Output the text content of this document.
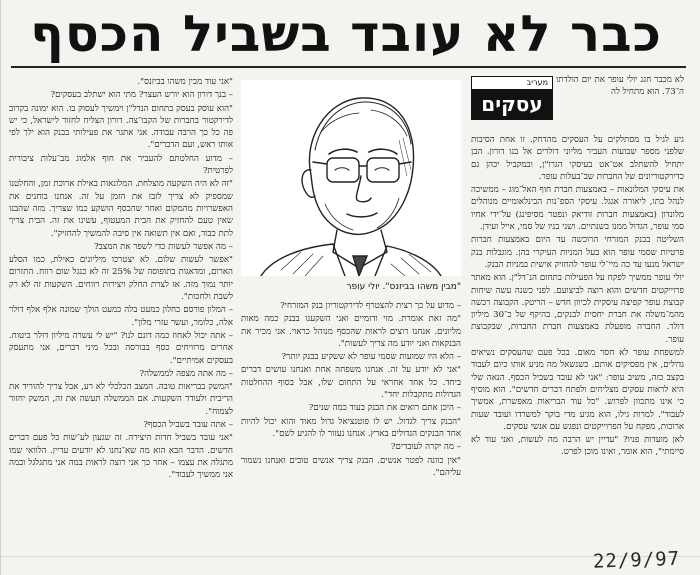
כבר לא עובד בשביל הכסף
מעריב
עסקים

לא מכבר חגג יולי עופר את יום הולדתו ה־73. הוא מתחיל לה

גיע לגיל בו מסתלקים על העסקים מהדחק. זו אחת הסיבות שלפני מספר שבועות העביר מליוני דולרים אל בנו דורון. הבן יתחיל להשתלב אט־אט בעיסקי הגרו"ן, ובמקביל יכהן גם כדירקטוריונים של החברות שב־בעלות עופר.

את עיסקי המלונאות – באמצעות חברת חוף האל־מוג – ממשיכה לנהל בתו, ליאורה אגגל. עיסקי הספ־נות הבינלאומיים מנוהלים מלונדון (באמצעות חברות זודיאק ונפטר מסיפינג) על־ידי אחיו סמי עופר, הגדול ממנו בשנתיים. ושני בניו של סמי, אייל ועידן.

השליטה בבנק המזרחי הרוכשה עד היום באמצעות חברות פרטיות שסמי עופר הוא בעל המניות העיקרי בהן. מוגבלות בנק ישראל מנעו עד כה מיי־לי עופר להחזיק אישית במניות הבנק.

יולי עופר ממשיך לפקח על הפעילות בתחום הנ־דל"ן. הוא מאתר פרוייקטים חדשים והוא רוצה לביצועם. לפני כשנה עשה שיחות קבוצת עופר קפיצה עיסקית לכיוון חדש – הריטק. הקבוצה רכשה מהמ־משלה את חברת יחסית לבנקים, בהיקף של כ־30 מיליון דולר. החברה מופעלת באמצעות חברת החברות, שבקבוצת עופר.

למשפחת עופר לא חסר מאום. בכל פעם שהעסקים נשיאים גדולים, אין מפסיקים אותם. כשנשאל מה מניע אותו כיום לעבוד בקצב כזה, משיב עופר: "אני לא עובד בשביל הכסף. הנאה שלי היא לראות עסקים מצליחים ולפתח דברים חדשים". הוא מוסיף כי אינו מתכוון לפרוש. "כל עוד הבריאות מאפשרת, אמשיך לעבוד". למרות גילו, הוא מגיע מדי בוקר למשרדו ועובד שעות ארוכות, מפקח על הפרוייקטים ונפגש עם אנשי עסקים.

לאן מועדות פניו? "עדיין יש הרבה מה לעשות, ואני עוד לא סיימתי", הוא אומר, ואינו מוכן לפרט.

"מבין משהו בביזנס". יולי עופר

– מדוע על כך רצית להצטרף לדירקטוריון בנק המזרחי?

"מה זאת אומרת. מזי ודומיים ואני השקענו בבנק כמה מאות מליונים. אנחנו רוצים לראות שהכסף מנוהל כראוי. אני מכיר את הבנקאות ואני יודע מה צריך לעשות".

– הלא היו שמועות שסמי עופר לא ששקיע בבנק יותר?

"אני לא יודע על זה. אנחנו משפחה אחת ואנחנו עושים דברים ביחד. כל אחד אחראי על התחום שלו, אבל בסוף ההחלטות הגדולות מתקבלות יחד".

– היכן אתם רואים את הבנק בעוד כמה שנים?

"הבנק צריך לגדול. יש לו פוטנציאל גדול מאוד והוא יכול להיות אחד הבנקים הגדולים בארץ. אנחנו נעזור לו להגיע לשם".

– מה יקרה לעובדים?

"אין כוונה לפטר אנשים. הבנק צריך אנשים טובים ואנחנו נשמור עליהם".

"אני עוד מבין משהו בביזנס".

– בנך דורון הוא יורש העצר? מתי הוא ישתלב בעסקים?

"הוא עוסק בעסק בתחום הנדל"ן וימשיך לעסוק בו. הוא ימונה בקרוב לדירקטור בחברות של הקבו־צה. דורון הצליח לחזור לישראל, כי יש פה כל כך הרבה עבודה. אני אתגר את פעילותי בבנק הוא ילך לפי אותו ראש, ועם הדברים".

– מדוע החלטתם להעביר את חוף אלמוג מב־עלות ציבורית לפרטית?

"זה לא היה השקעה מוצלחת. המלונאות באילת ארוכת זמן, והחלטנו שמספיק לא צריך לזבז את הזמן על זה. אנחנו בוחנים את האפשרויות מהמקום ואחר שהכסף הושקע כמו שצריך. מזה שהבנו שאין טעם להחזיק את הבית המעטוף, עשינו את זה. הבית צריך לתת כבוד, ואם אין תשואה אין סיבה להמשיך להחזיק".

– מה אפשר לעשות כדי לשפר את המצב?

"אפשר לעשות שלום. לא יצטרכו מיליונים כאילת, כמו הסלע הארום, ומדאגות בתופוסה של 25% זה לא כנגל שום רווח. התזרום יותר נמוך מזה. אז לצרת החלק ויצירות רווחים. השקעות זה לא רק לשבת ולחכות".

– המלון פורסם כחלון כמעט בלה כמעט הולך שמונה אלף אלף דולר אלה, כלומר, ועשר עזרי מלון".

– אתה יכול לאחוז כמה דונם לנו? "יש לי עשרה מיליון דולר ביטוח. אחרים מרוויחים כסף בבורסה ובכל מיני דברים, אני מתעסק בעסקים אמיתיים".

– מה אתה מצפה לממשלה?

"המשק בבריאות טובה. המצב הכלכלי לא רע, אבל צריך להוריד את הריבית ולעודד השקעות. אם הממשלה תעשה את זה, המשק יחזור לצמוח".

– אתה עובד בשביל הכסף?

"אני עובד בשביל חדות היצירה. זה שגעון לע־שות כל פעם דברים חדשים. הדבר הבא הוא מה שא־נחנו לא יודעים עדיין. הלוואי שמו מתגלה את עצמו – אחר כך אני רוצה לראות במה אני מתגלגל ובמה אני ממשיך לעבוד".

22/9/97
